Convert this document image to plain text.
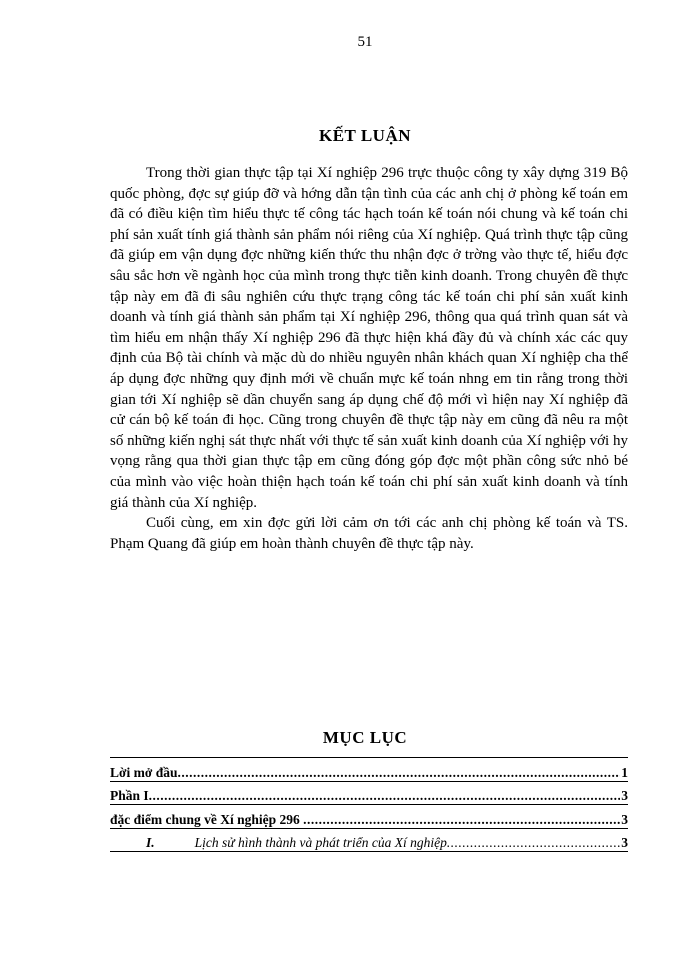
51
KẾT LUẬN

Trong thời gian thực tập tại Xí nghiệp 296 trực thuộc công ty xây dựng 319 Bộ quốc phòng, đợc sự giúp đỡ và hớng dẫn tận tình của các anh chị ở phòng kế toán em đã có điều kiện tìm hiểu thực tế công tác hạch toán kế toán nói chung và kế toán chi phí sản xuất tính giá thành sản phẩm nói riêng của Xí nghiệp. Quá trình thực tập cũng đã giúp em vận dụng đợc những kiến thức thu nhận đợc ở trờng vào thực tế, hiểu đợc sâu sắc hơn về ngành học của mình trong thực tiễn kinh doanh. Trong chuyên đề thực tập này em đã đi sâu nghiên cứu thực trạng công tác kế toán chi phí sản xuất kinh doanh và tính giá thành sản phẩm tại Xí nghiệp 296, thông qua quá trình quan sát và tìm hiểu em nhận thấy Xí nghiệp 296 đã thực hiện khá đầy đủ và chính xác các quy định của Bộ tài chính và mặc dù do nhiều nguyên nhân khách quan Xí nghiệp cha thể áp dụng đợc những quy định mới về chuẩn mực kế toán nhng em tin rằng trong thời gian tới Xí nghiệp sẽ dần chuyển sang áp dụng chế độ mới vì hiện nay Xí nghiệp đã cử cán bộ kế toán đi học. Cũng trong chuyên đề thực tập này em cũng đã nêu ra một số những kiến nghị sát thực nhất với thực tế sản xuất kinh doanh của Xí nghiệp với hy vọng rằng qua thời gian thực tập em cũng đóng góp đợc một phần công sức nhỏ bé của mình vào việc hoàn thiện hạch toán kế toán chi phí sản xuất kinh doanh và tính giá thành của Xí nghiệp.

Cuối cùng, em xin đợc gửi lời cảm ơn tới các anh chị phòng kế toán và TS. Phạm Quang đã giúp em hoàn thành chuyên đề thực tập này.

MỤC LỤC
Lời mở đầu .....	1
Phần I .....	3
đặc điểm chung về Xí nghiệp 296 .....	3
I.	Lịch sử hình thành và phát triển của Xí nghiệp .....	3
